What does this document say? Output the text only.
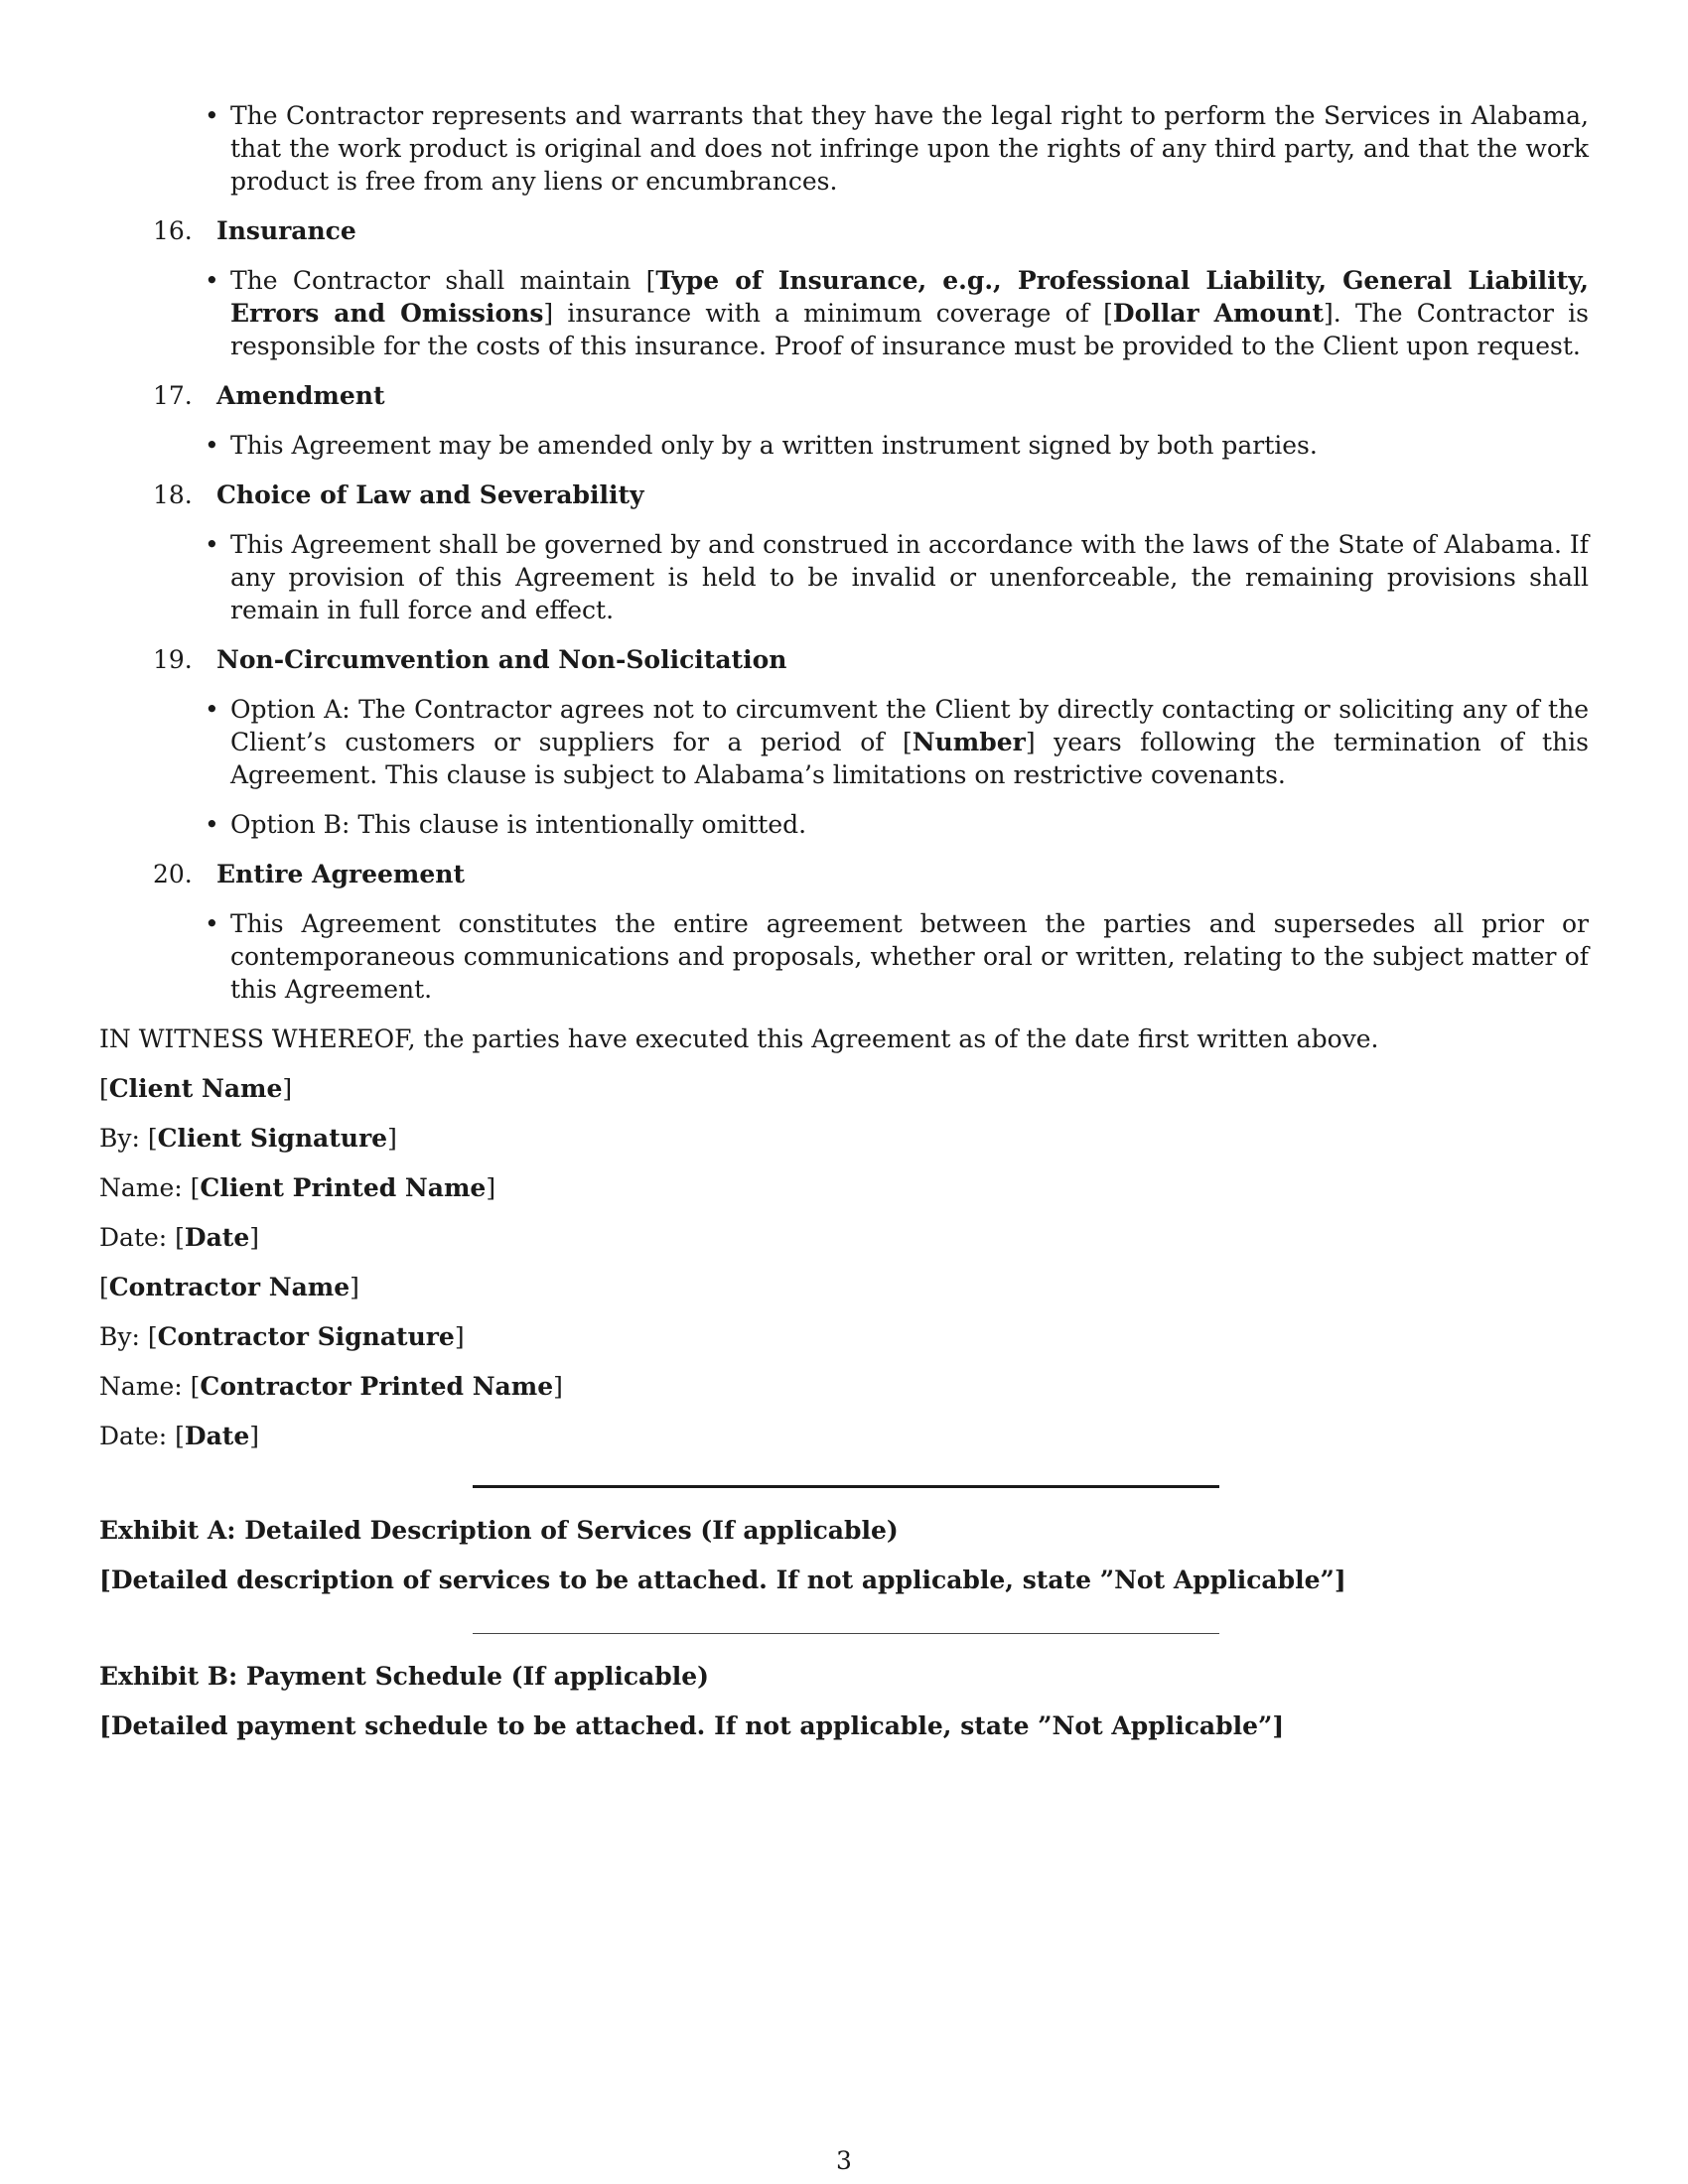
• The Contractor represents and warrants that they have the legal right to perform the Services in Alabama, that the work product is original and does not infringe upon the rights of any third party, and that the work product is free from any liens or encumbrances.

16. Insurance

• The Contractor shall maintain [Type of Insurance, e.g., Professional Liability, General Liability, Errors and Omissions] insurance with a minimum coverage of [Dollar Amount]. The Contractor is responsible for the costs of this insurance. Proof of insurance must be provided to the Client upon request.

17. Amendment

• This Agreement may be amended only by a written instrument signed by both parties.

18. Choice of Law and Severability

• This Agreement shall be governed by and construed in accordance with the laws of the State of Alabama. If any provision of this Agreement is held to be invalid or unenforceable, the remaining provisions shall remain in full force and effect.

19. Non-Circumvention and Non-Solicitation

• Option A: The Contractor agrees not to circumvent the Client by directly contacting or soliciting any of the Client’s customers or suppliers for a period of [Number] years following the termination of this Agreement. This clause is subject to Alabama’s limitations on restrictive covenants.

• Option B: This clause is intentionally omitted.

20. Entire Agreement

• This Agreement constitutes the entire agreement between the parties and supersedes all prior or contemporaneous communications and proposals, whether oral or written, relating to the subject matter of this Agreement.

IN WITNESS WHEREOF, the parties have executed this Agreement as of the date first written above.

[Client Name]

By: [Client Signature]

Name: [Client Printed Name]

Date: [Date]

[Contractor Name]

By: [Contractor Signature]

Name: [Contractor Printed Name]

Date: [Date]

Exhibit A: Detailed Description of Services (If applicable)

[Detailed description of services to be attached. If not applicable, state ”Not Applicable”]

Exhibit B: Payment Schedule (If applicable)

[Detailed payment schedule to be attached. If not applicable, state ”Not Applicable”]

3
